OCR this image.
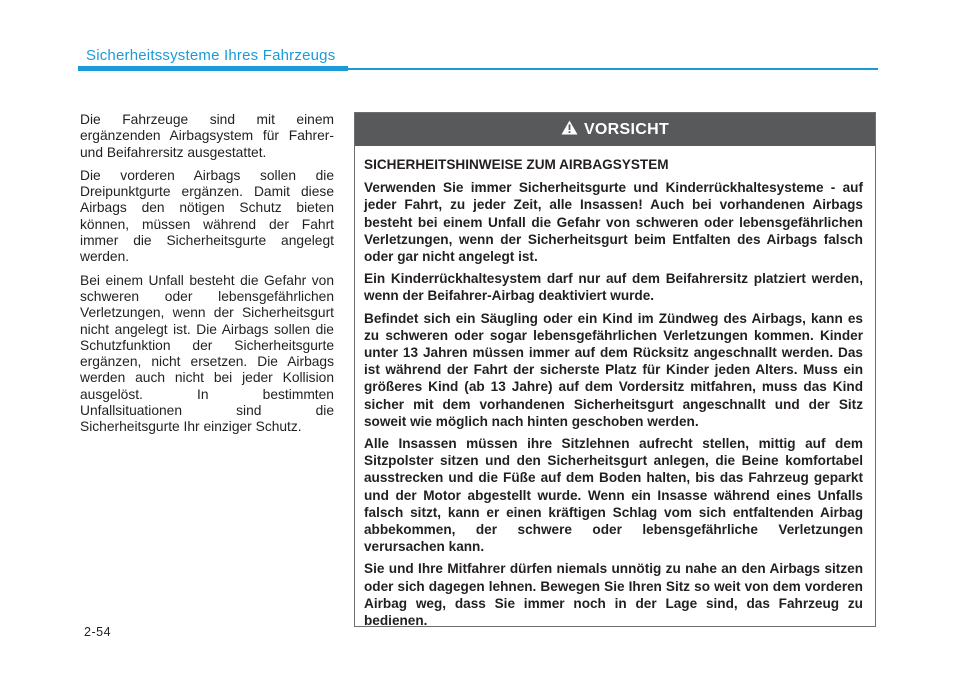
Sicherheitssysteme Ihres Fahrzeugs

Die Fahrzeuge sind mit einem ergänzenden Airbagsystem für Fahrer- und Beifahrersitz ausgestattet.

Die vorderen Airbags sollen die Dreipunktgurte ergänzen. Damit diese Airbags den nötigen Schutz bieten können, müssen während der Fahrt immer die Sicherheitsgurte angelegt werden.

Bei einem Unfall besteht die Gefahr von schweren oder lebensgefährlichen Verletzungen, wenn der Sicherheitsgurt nicht angelegt ist. Die Airbags sollen die Schutzfunktion der Sicherheitsgurte ergänzen, nicht ersetzen. Die Airbags werden auch nicht bei jeder Kollision ausgelöst. In bestimmten Unfallsituationen sind die Sicherheitsgurte Ihr einziger Schutz.

VORSICHT

SICHERHEITSHINWEISE ZUM AIRBAGSYSTEM

Verwenden Sie immer Sicherheitsgurte und Kinderrückhaltesysteme - auf jeder Fahrt, zu jeder Zeit, alle Insassen! Auch bei vorhandenen Airbags besteht bei einem Unfall die Gefahr von schweren oder lebensgefährlichen Verletzungen, wenn der Sicherheitsgurt beim Entfalten des Airbags falsch oder gar nicht angelegt ist.

Ein Kinderrückhaltesystem darf nur auf dem Beifahrersitz platziert werden, wenn der Beifahrer-Airbag deaktiviert wurde.

Befindet sich ein Säugling oder ein Kind im Zündweg des Airbags, kann es zu schweren oder sogar lebensgefährlichen Verletzungen kommen. Kinder unter 13 Jahren müssen immer auf dem Rücksitz angeschnallt werden. Das ist während der Fahrt der sicherste Platz für Kinder jeden Alters. Muss ein größeres Kind (ab 13 Jahre) auf dem Vordersitz mitfahren, muss das Kind sicher mit dem vorhandenen Sicherheitsgurt angeschnallt und der Sitz soweit wie möglich nach hinten geschoben werden.

Alle Insassen müssen ihre Sitzlehnen aufrecht stellen, mittig auf dem Sitzpolster sitzen und den Sicherheitsgurt anlegen, die Beine komfortabel ausstrecken und die Füße auf dem Boden halten, bis das Fahrzeug geparkt und der Motor abgestellt wurde. Wenn ein Insasse während eines Unfalls falsch sitzt, kann er einen kräftigen Schlag vom sich entfaltenden Airbag abbekommen, der schwere oder lebensgefährliche Verletzungen verursachen kann.

Sie und Ihre Mitfahrer dürfen niemals unnötig zu nahe an den Airbags sitzen oder sich dagegen lehnen. Bewegen Sie Ihren Sitz so weit von dem vorderen Airbag weg, dass Sie immer noch in der Lage sind, das Fahrzeug zu bedienen.

2-54
